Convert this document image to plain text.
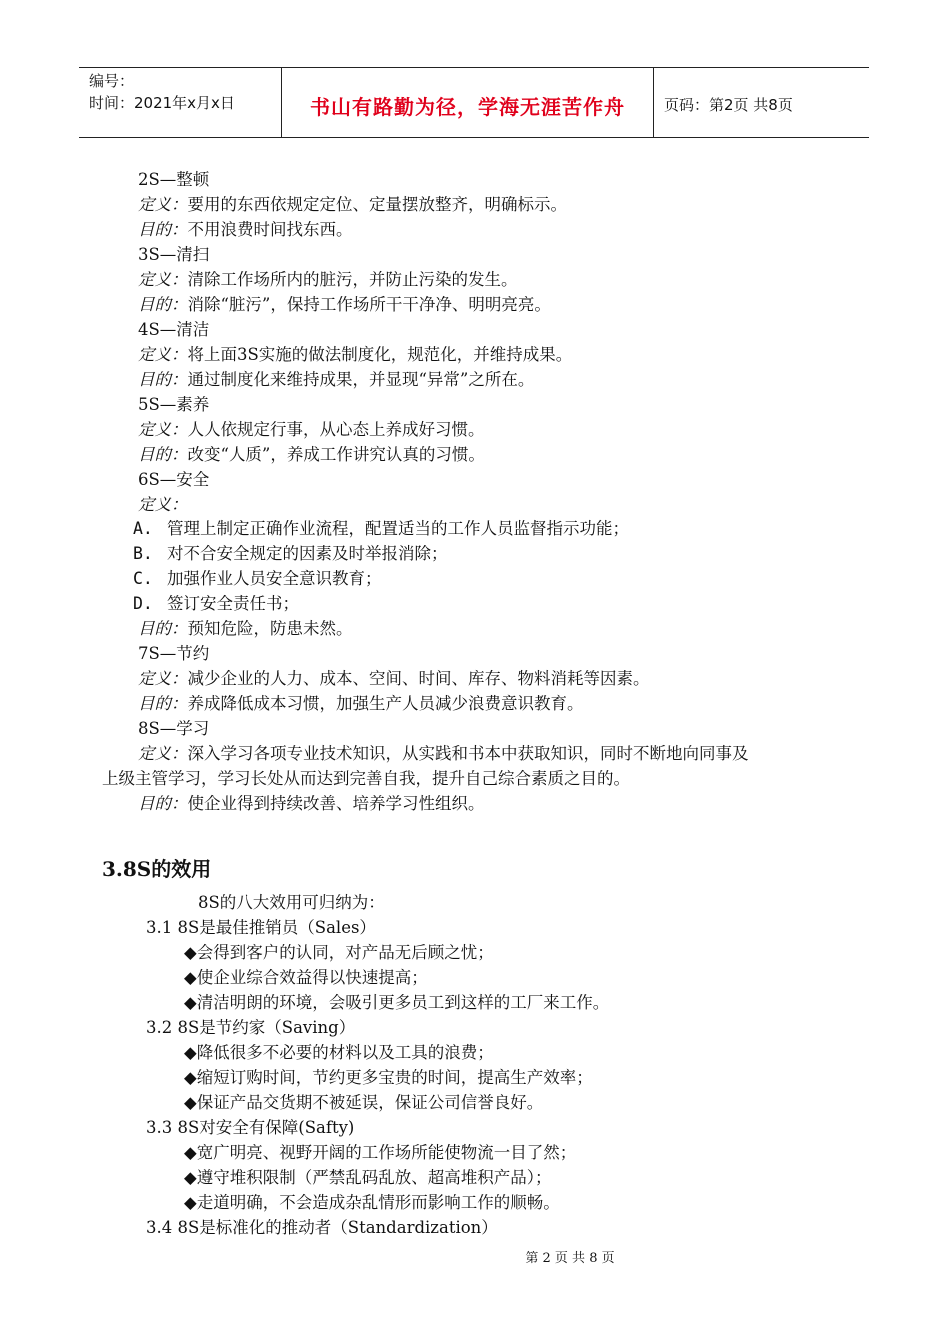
编号：
时间：2021年x月x日	书山有路勤为径，学海无涯苦作舟	页码：第2页 共8页
2S—整顿
定义：要用的东西依规定定位、定量摆放整齐，明确标示。
目的：不用浪费时间找东西。
3S—清扫
定义：清除工作场所内的脏污，并防止污染的发生。
目的：消除“脏污”，保持工作场所干干净净、明明亮亮。
4S—清洁
定义：将上面3S实施的做法制度化，规范化，并维持成果。
目的：通过制度化来维持成果，并显现“异常”之所在。
5S—素养
定义：人人依规定行事，从心态上养成好习惯。
目的：改变“人质”，养成工作讲究认真的习惯。
6S—安全
定义：
A. 管理上制定正确作业流程，配置适当的工作人员监督指示功能；
B. 对不合安全规定的因素及时举报消除；
C. 加强作业人员安全意识教育；
D. 签订安全责任书；
目的：预知危险，防患未然。
7S—节约
定义：减少企业的人力、成本、空间、时间、库存、物料消耗等因素。
目的：养成降低成本习惯，加强生产人员减少浪费意识教育。
8S—学习
定义：深入学习各项专业技术知识，从实践和书本中获取知识，同时不断地向同事及
上级主管学习，学习长处从而达到完善自我，提升自己综合素质之目的。
目的：使企业得到持续改善、培养学习性组织。
3.8S的效用
8S的八大效用可归纳为：
3.1 8S是最佳推销员（Sales）
◆会得到客户的认同，对产品无后顾之忧；
◆使企业综合效益得以快速提高；
◆清洁明朗的环境，会吸引更多员工到这样的工厂来工作。
3.2 8S是节约家（Saving）
◆降低很多不必要的材料以及工具的浪费；
◆缩短订购时间，节约更多宝贵的时间，提高生产效率；
◆保证产品交货期不被延误，保证公司信誉良好。
3.3 8S对安全有保障(Safty)
◆宽广明亮、视野开阔的工作场所能使物流一目了然；
◆遵守堆积限制（严禁乱码乱放、超高堆积产品）；
◆走道明确，不会造成杂乱情形而影响工作的顺畅。
3.4 8S是标准化的推动者（Standardization）
第 2 页 共 8 页
